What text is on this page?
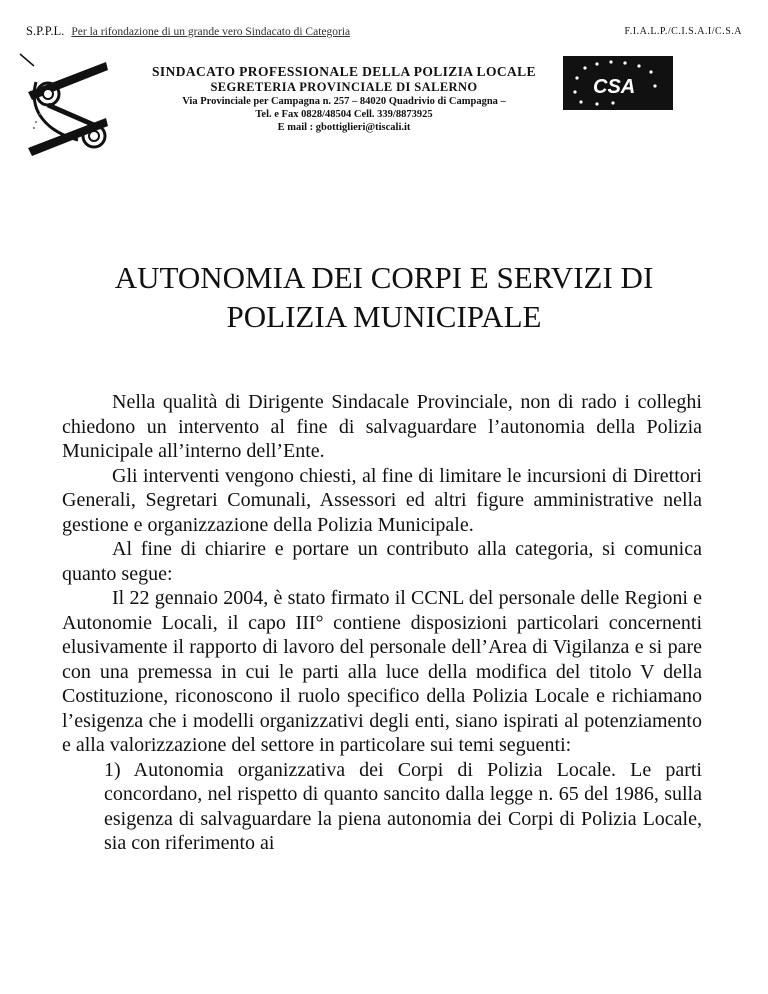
S.P.P.L. Per la rifondazione di un grande vero Sindacato di Categoria	F.I.A.L.P./C.I.S.A.I/C.S.A
CSA
SINDACATO PROFESSIONALE DELLA POLIZIA LOCALE
SEGRETERIA PROVINCIALE DI SALERNO
Via Provinciale per Campagna n. 257 – 84020 Quadrivio di Campagna –
Tel. e Fax 0828/48504 Cell. 339/8873925
E mail : gbottiglieri@tiscali.it
AUTONOMIA DEI CORPI E SERVIZI DI
POLIZIA MUNICIPALE

Nella qualità di Dirigente Sindacale Provinciale, non di rado i colleghi chiedono un intervento al fine di salvaguardare l’autonomia della Polizia Municipale all’interno dell’Ente.

Gli interventi vengono chiesti, al fine di limitare le incursioni di Direttori Generali, Segretari Comunali, Assessori ed altri figure amministrative nella gestione e organizzazione della Polizia Municipale.

Al fine di chiarire e portare un contributo alla categoria, si comunica quanto segue:

Il 22 gennaio 2004, è stato firmato il CCNL del personale delle Regioni e Autonomie Locali, il capo III° contiene disposizioni particolari concernenti elusivamente il rapporto di lavoro del personale dell’Area di Vigilanza e si pare con una premessa in cui le parti alla luce della modifica del titolo V della Costituzione, riconoscono il ruolo specifico della Polizia Locale e richiamano l’esigenza che i modelli organizzativi degli enti, siano ispirati al potenziamento e alla valorizzazione del settore in particolare sui temi seguenti:

1) Autonomia organizzativa dei Corpi di Polizia Locale. Le parti concordano, nel rispetto di quanto sancito dalla legge n. 65 del 1986, sulla esigenza di salvaguardare la piena autonomia dei Corpi di Polizia Locale, sia con riferimento ai
